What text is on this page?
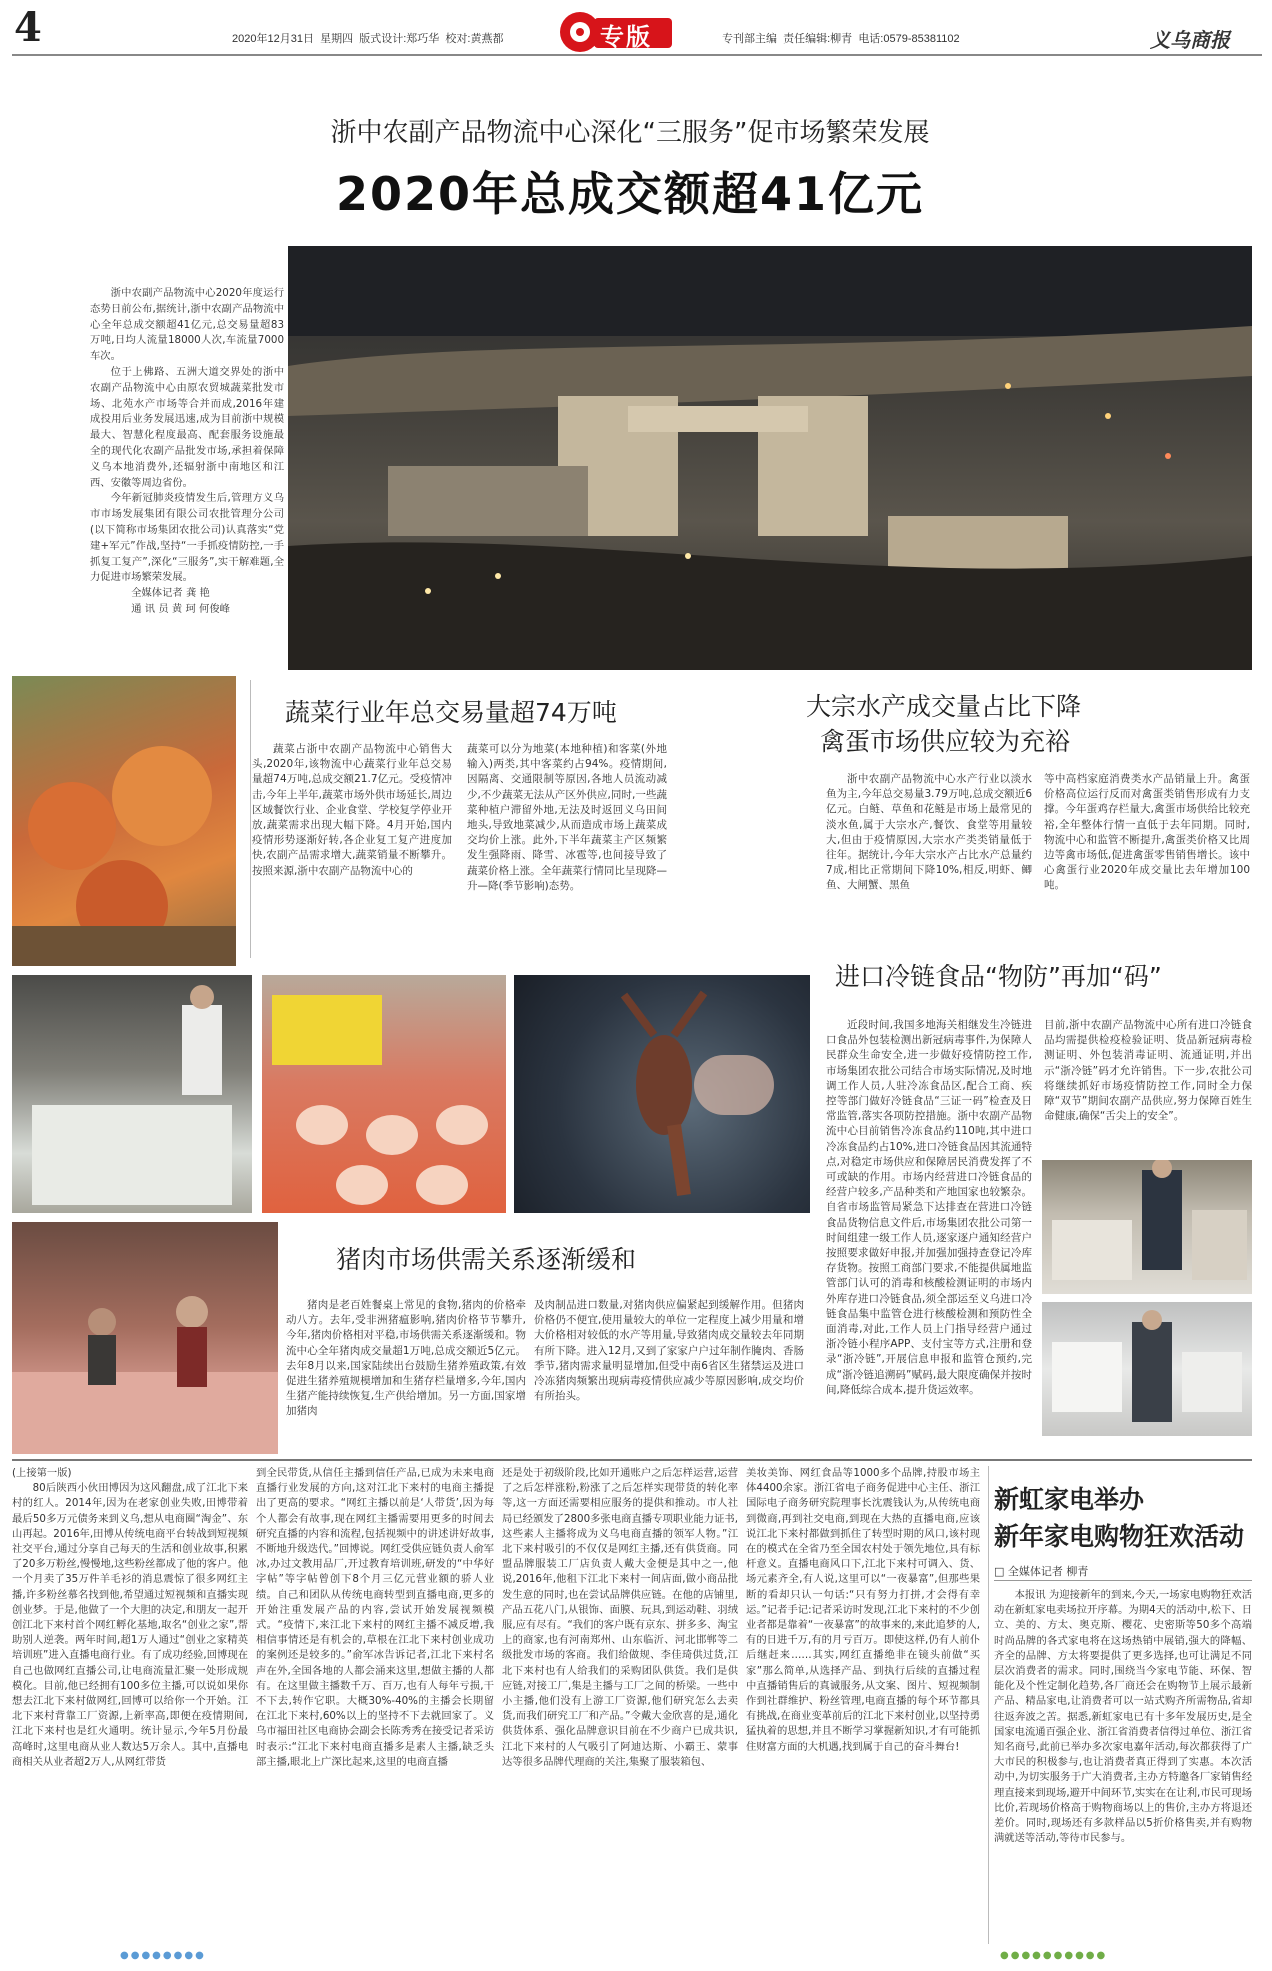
4	2020年12月31日 星期四 版式设计:郑巧华 校对:黄燕都	专版	专刊部主编 责任编辑:柳青 电话:0579-85381102	义乌商报
浙中农副产品物流中心深化“三服务”促市场繁荣发展
2020年总成交额超41亿元

浙中农副产品物流中心2020年度运行态势日前公布,据统计,浙中农副产品物流中心全年总成交额超41亿元,总交易量超83万吨,日均人流量18000人次,车流量7000车次。

位于上佛路、五洲大道交界处的浙中农副产品物流中心由原农贸城蔬菜批发市场、北苑水产市场等合并而成,2016年建成投用后业务发展迅速,成为目前浙中规模最大、智慧化程度最高、配套服务设施最全的现代化农副产品批发市场,承担着保障义乌本地消费外,还辐射浙中南地区和江西、安徽等周边省份。

今年新冠肺炎疫情发生后,管理方义乌市市场发展集团有限公司农批管理分公司(以下简称市场集团农批公司)认真落实“党建+军元”作战,坚持“一手抓疫情防控,一手抓复工复产”,深化“三服务”,实干解难题,全力促进市场繁荣发展。

全媒体记者 龚 艳

通 讯 员 黄 珂 何俊峰

蔬菜行业年总交易量超74万吨
蔬菜占浙中农副产品物流中心销售大头,2020年,该物流中心蔬菜行业年总交易量超74万吨,总成交额21.7亿元。受疫情冲击,今年上半年,蔬菜市场外供市场延长,周边区域餐饮行业、企业食堂、学校复学停业开放,蔬菜需求出现大幅下降。4月开始,国内疫情形势逐渐好转,各企业复工复产进度加快,农副产品需求增大,蔬菜销量不断攀升。按照来源,浙中农副产品物流中心的
蔬菜可以分为地菜(本地种植)和客菜(外地输入)两类,其中客菜约占94%。疫情期间,因隔离、交通限制等原因,各地人员流动减少,不少蔬菜无法从产区外供应,同时,一些蔬菜种植户滞留外地,无法及时返回义乌田间地头,导致地菜减少,从而造成市场上蔬菜成交均价上涨。此外,下半年蔬菜主产区频繁发生强降雨、降雪、冰雹等,也间接导致了蔬菜价格上涨。全年蔬菜行情同比呈现降—升—降(季节影响)态势。
大宗水产成交量占比下降
禽蛋市场供应较为充裕
浙中农副产品物流中心水产行业以淡水鱼为主,今年总交易量3.79万吨,总成交额近6亿元。白鲢、草鱼和花鲢是市场上最常见的淡水鱼,属于大宗水产,餐饮、食堂等用量较大,但由于疫情原因,大宗水产类类销量低于往年。据统计,今年大宗水产占比水产总量约7成,相比正常期间下降10%,相反,明虾、鲫鱼、大闸蟹、黑鱼
等中高档家庭消费类水产品销量上升。禽蛋价格高位运行反而对禽蛋类销售形成有力支撑。今年蛋鸡存栏量大,禽蛋市场供给比较充裕,全年整体行情一直低于去年同期。同时,物流中心和监管不断提升,禽蛋类价格又比周边等禽市场低,促进禽蛋零售销售增长。该中心禽蛋行业2020年成交量比去年增加100吨。
进口冷链食品“物防”再加“码”
近段时间,我国多地海关相继发生冷链进口食品外包装检测出新冠病毒事件,为保障人民群众生命安全,进一步做好疫情防控工作,市场集团农批公司结合市场实际情况,及时地调工作人员,人驻冷冻食品区,配合工商、疾控等部门做好冷链食品“三证一码”检查及日常监管,落实各项防控措施。浙中农副产品物流中心目前销售冷冻食品约110吨,其中进口冷冻食品约占10%,进口冷链食品因其流通特点,对稳定市场供应和保障居民消费发挥了不可或缺的作用。市场内经营进口冷链食品的经营户较多,产品种类和产地国家也较繁杂。自省市场监管局紧急下达排查在营进口冷链食品货物信息文件后,市场集团农批公司第一时间组建一级工作人员,逐家逐户通知经营户按照要求做好申报,并加强加强持查登记冷库存货物。按照工商部门要求,不能提供属地监管部门认可的消毒和核酸检测证明的市场内外库存进口冷链食品,须全部运至义乌进口冷链食品集中监管仓进行核酸检测和预防性全面消毒,对此,工作人员上门指导经营户通过浙冷链小程序APP、支付宝等方式,注册和登录“浙冷链”,开展信息申报和监管仓预约,完成“浙冷链追溯码”赋码,最大限度确保并按时间,降低综合成本,提升货运效率。
目前,浙中农副产品物流中心所有进口冷链食品均需提供检疫检验证明、货品新冠病毒检测证明、外包装消毒证明、流通证明,并出示“浙冷链”码才允许销售。下一步,农批公司将继续抓好市场疫情防控工作,同时全力保障“双节”期间农副产品供应,努力保障百姓生命健康,确保“舌尖上的安全”。
猪肉市场供需关系逐渐缓和
猪肉是老百姓餐桌上常见的食物,猪肉的价格牵动八方。去年,受非洲猪瘟影响,猪肉价格节节攀升,今年,猪肉价格相对平稳,市场供需关系逐渐缓和。物流中心全年猪肉成交量超1万吨,总成交额近5亿元。去年8月以来,国家陆续出台鼓励生猪养殖政策,有效促进生猪养殖规模增加和生猪存栏量增多,今年,国内生猪产能持续恢复,生产供给增加。另一方面,国家增加猪肉
及肉制品进口数量,对猪肉供应偏紧起到缓解作用。但猪肉价格仍不便宜,使用量较大的单位一定程度上减少用量和增大价格相对较低的水产等用量,导致猪肉成交量较去年同期有所下降。进入12月,又到了家家户户过年制作腌肉、香肠季节,猪肉需求量明显增加,但受中南6省区生猪禁运及进口冷冻猪肉频繁出现病毒疫情供应减少等原因影响,成交均价有所抬头。
(上接第一版)

80后陕西小伙田博因为这风翻盘,成了江北下来村的红人。2014年,因为在老家创业失败,田博带着最后50多万元债务来到义乌,想从电商圈“淘金”、东山再起。2016年,田博从传统电商平台转战到短视频社交平台,通过分享自己每天的生活和创业故事,积累了20多万粉丝,慢慢地,这些粉丝都成了他的客户。他一个月卖了35万件羊毛衫的消息震惊了很多网红主播,许多粉丝慕名找到他,希望通过短视频和直播实现创业梦。于是,他做了一个大胆的决定,和朋友一起开创江北下来村首个网红孵化基地,取名“创业之家”,帮助别人逆袭。两年时间,超1万人通过“创业之家精英培训班”进入直播电商行业。有了成功经验,回博现在自己也做网红直播公司,让电商流量汇聚一处形成规模化。目前,他已经拥有100多位主播,可以说如果你想去江北下来村做网红,回博可以给你一个开始。江北下来村背靠工厂资源,上新率高,即便在疫情期间,江北下来村也是红火通明。统计显示,今年5月份最高峰时,这里电商从业人数达5万余人。其中,直播电商相关从业者超2万人,从网红带货

到全民带货,从信任主播到信任产品,已成为未来电商直播行业发展的方向,这对江北下来村的电商主播提出了更高的要求。“网红主播以前是‘人带货’,因为每个人都会有故事,现在网红主播需要用更多的时间去研究直播的内容和流程,包括视频中的讲述讲好故事,不断地升级迭代。”回博说。网红受供应链负责人俞军冰,办过文教用品厂,开过教育培训班,研发的“中华好字帖”等字帖曾创下8个月三亿元营业额的骄人业绩。自己和团队从传统电商转型到直播电商,更多的开始注重发展产品的内容,尝试开始发展视频模式。“疫情下,来江北下来村的网红主播不减反增,我相信事情还是有机会的,草根在江北下来村创业成功的案例还是较多的。”俞军冰告诉记者,江北下来村名声在外,全国各地的人都会涌来这里,想做主播的人都有。在这里做主播数千万、百万,也有人每年亏损,干不下去,转作它职。大概30%-40%的主播会长期留在江北下来村,60%以上的坚持不下去就回家了。义乌市福田社区电商协会副会长陈秀秀在接受记者采访时表示:“江北下来村电商直播多是素人主播,缺乏头部主播,眼北上广深比起来,这里的电商直播
还是处于初级阶段,比如开通账户之后怎样运营,运营了之后怎样涨粉,粉涨了之后怎样实现带货的转化率等,这一方面还需要相应服务的提供和推动。市人社局已经颁发了2800多张电商直播专项职业能力证书,这些素人主播将成为义乌电商直播的领军人物。”江北下来村吸引的不仅仅是网红主播,还有供货商。同盟品牌服装工厂店负责人戴大金便是其中之一,他说,2016年,他租下江北下来村一间店面,做小商品批发生意的同时,也在尝试品牌供应链。在他的店铺里,产品五花八门,从银饰、面膜、玩具,到运动鞋、羽绒服,应有尽有。“我们的客户既有京东、拼多多、淘宝上的商家,也有河南郑州、山东临沂、河北邯郸等二级批发市场的客商。我们给做规、李佳琦供过货,江北下来村也有人给我们的采购团队供货。我们是供应链,对接工厂,集是主播与工厂之间的桥梁。一些中小主播,他们没有上游工厂资源,他们研究怎么去卖货,而我们研究工厂和产品。”令戴大金欣喜的是,通化供货体系、强化品牌意识目前在不少商户已成共识,江北下来村的人气吸引了阿迪达斯、小霸王、蒙事达等很多品牌代理商的关注,集聚了服装箱包、
美妆美饰、网红食品等1000多个品牌,持股市场主体4400余家。浙江省电子商务促进中心主任、浙江国际电子商务研究院理事长沈震钱认为,从传统电商到微商,再到社交电商,到现在大热的直播电商,应该说江北下来村都做到抓住了转型时期的风口,该村现在的模式在全省乃至全国农村处于领先地位,具有标杆意义。直播电商风口下,江北下来村可调入、货、场元素齐全,有人说,这里可以“一夜暴富”,但那些果断的看却只认一句话:“只有努力打拼,才会得有幸运。”记者手记:记者采访时发现,江北下来村的不少创业者都是靠着“一夜暴富”的故事来的,来此追梦的人,有的日进千万,有的月亏百万。即使这样,仍有人前仆后继赶来……其实,网红直播绝非在镜头前做“买家”那么简单,从选择产品、到执行后续的直播过程中直播销售后的真诚服务,从文案、图片、短视频制作到社群维护、粉丝管理,电商直播的每个环节都具有挑战,在商业变革前后的江北下来村创业,以坚持勇猛执着的思想,并且不断学习掌握新知识,才有可能抓住财富方面的大机遇,找到属于自己的奋斗舞台!
新虹家电举办
新年家电购物狂欢活动
□ 全媒体记者 柳青
本报讯 为迎接新年的到来,今天,一场家电购物狂欢活动在新虹家电卖场拉开序幕。为期4天的活动中,松下、日立、美的、方太、奥克斯、樱花、史密斯等50多个高端时尚品牌的各式家电将在这场热销中展销,强大的降幅、齐全的品牌、方太将要提供了更多选择,也可让满足不同层次消费者的需求。同时,围绕当今家电节能、环保、智能化及个性定制化趋势,各厂商还会在购物节上展示最新产品、精品家电,让消费者可以一站式购齐所需物品,省却往返奔波之苦。据悉,新虹家电已有十多年发展历史,是全国家电流通百强企业、浙江省消费者信得过单位、浙江省知名商号,此前已举办多次家电嘉年活动,每次都获得了广大市民的积极参与,也让消费者真正得到了实惠。本次活动中,为切实服务于广大消费者,主办方特邀各厂家销售经理直接来到现场,避开中间环节,实实在在让利,市民可现场比价,若现场价格高于购物商场以上的售价,主办方将退还差价。同时,现场还有多款样品以5折价格售卖,并有购物满就送等活动,等待市民参与。
●●●●●●●●	●●●●●●●●●●
